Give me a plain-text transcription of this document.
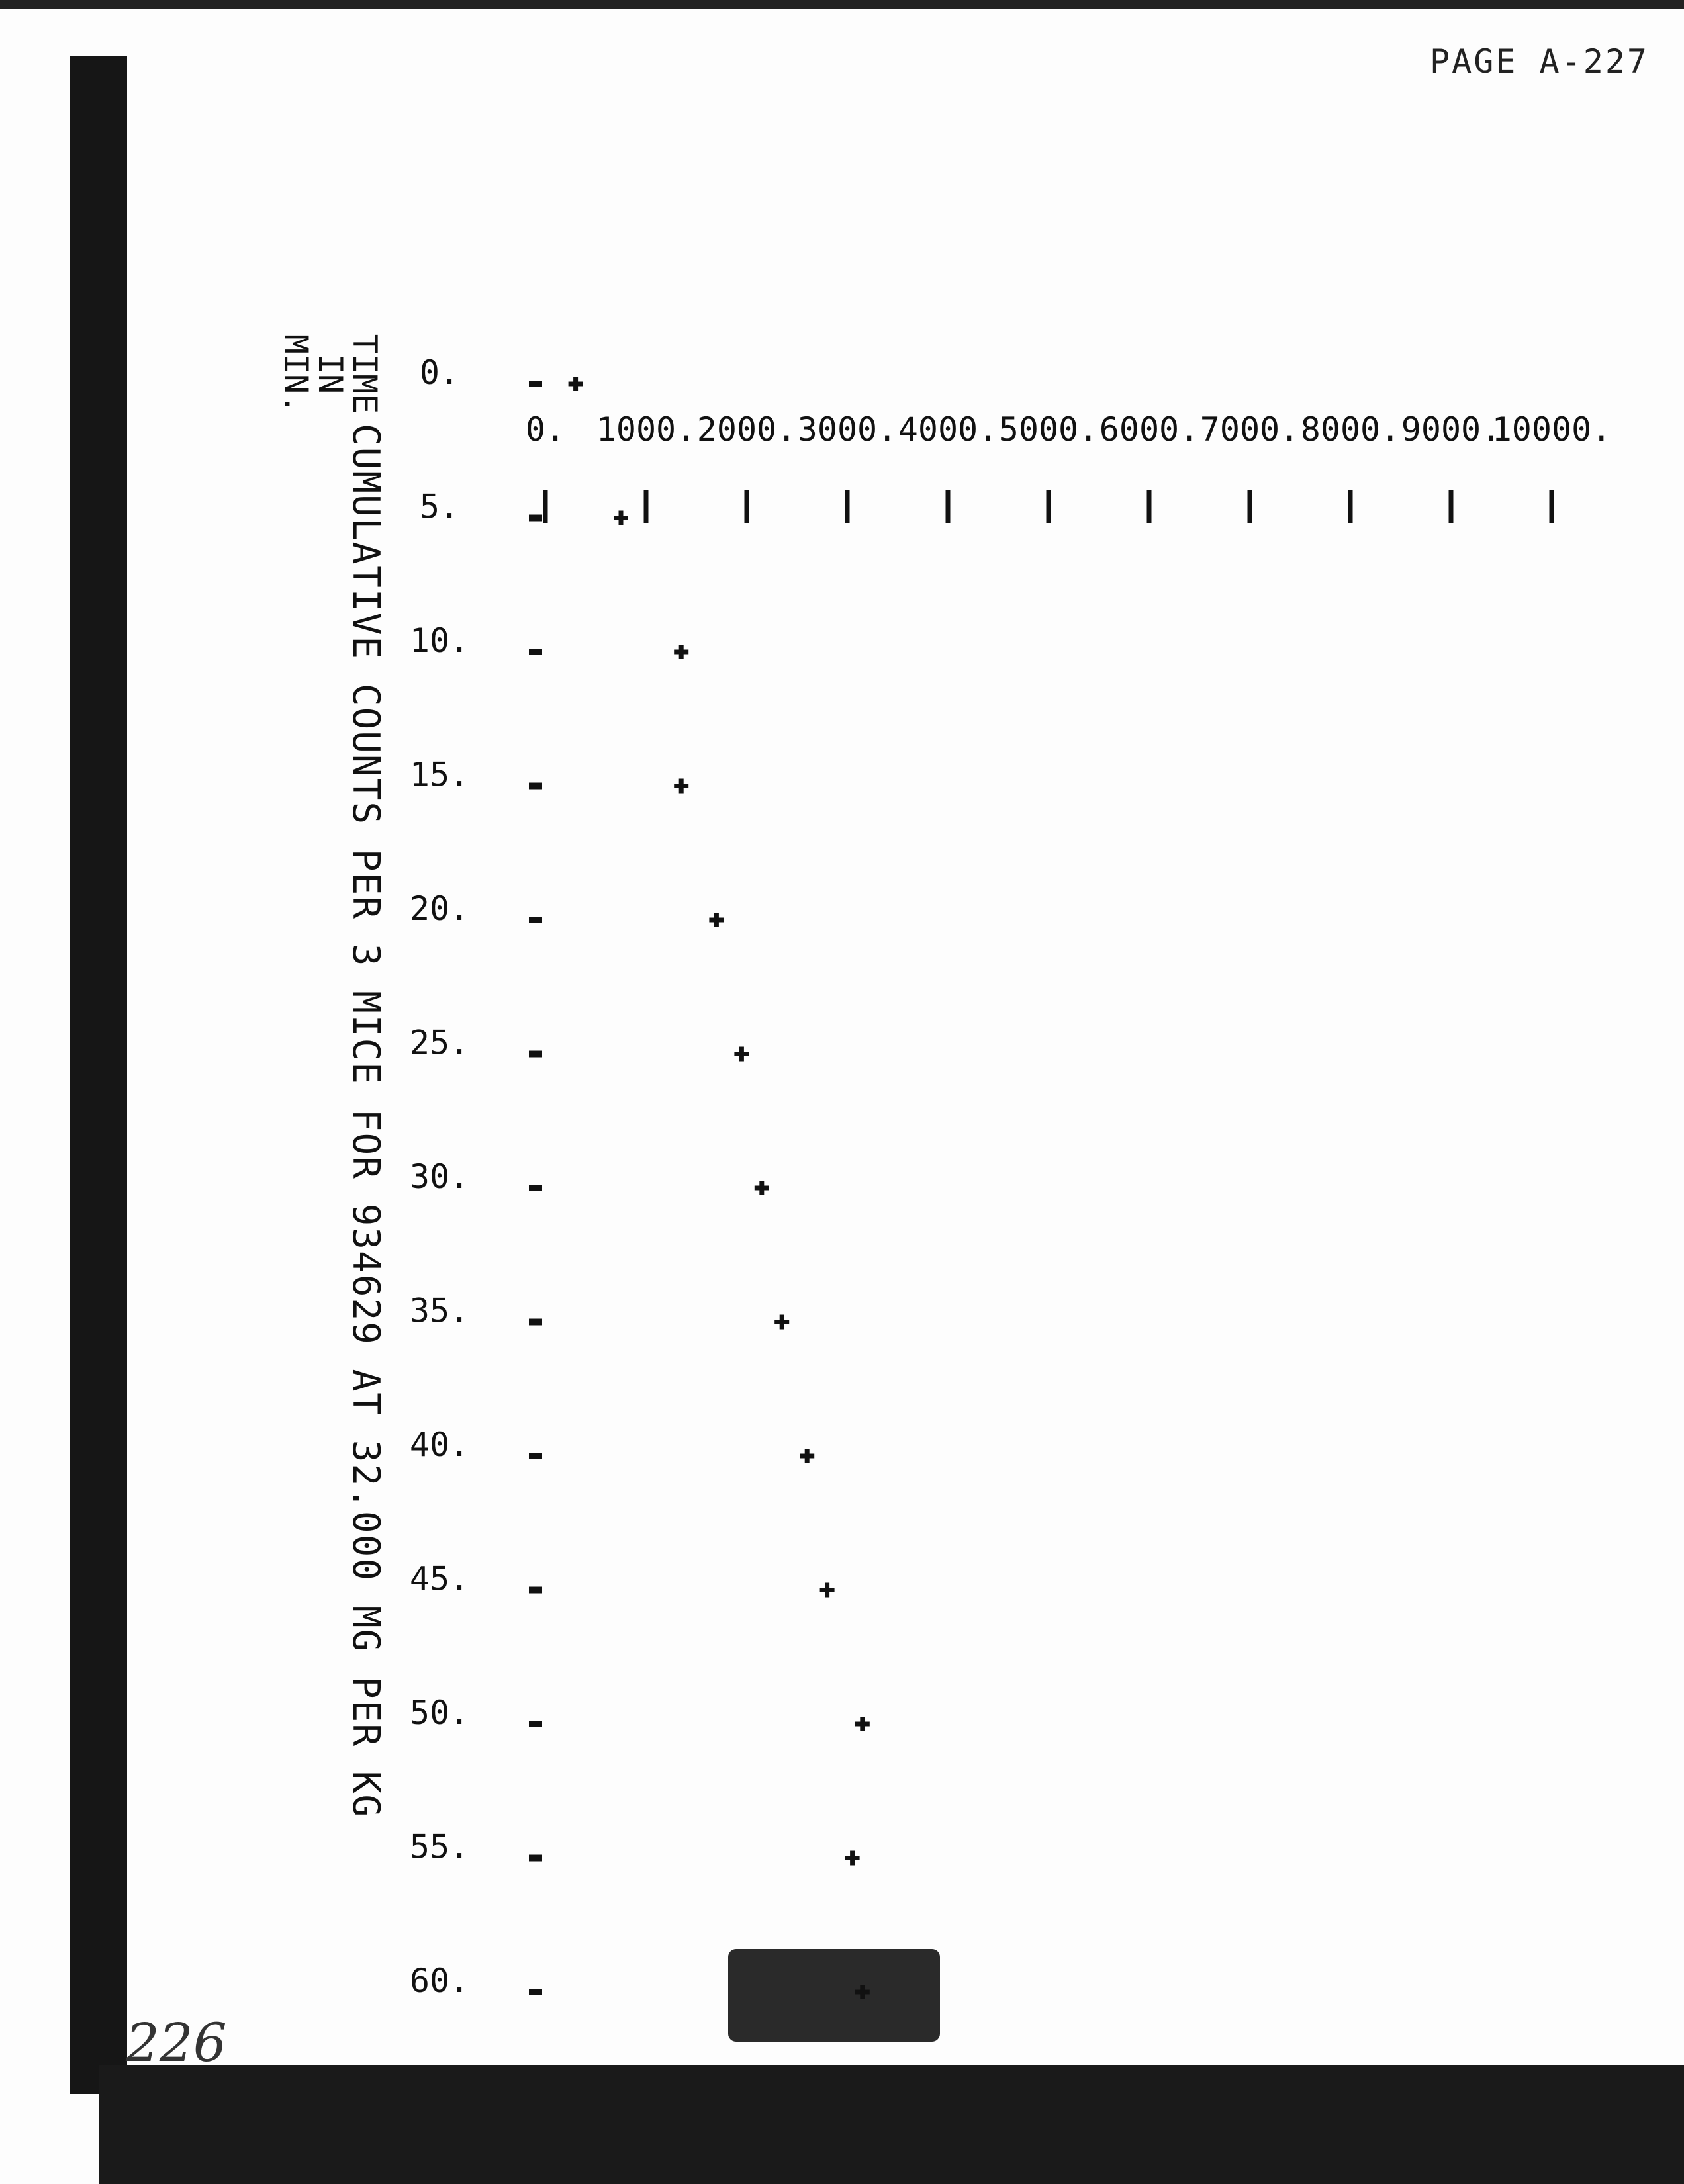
PAGE A-227
226
CUMULATIVE COUNTS PER 3 MICE FOR 934629 AT 32.000 MG PER KG
TIME
IN
MIN.
0. 1000. 2000. 3000. 4000. 5000. 6000. 7000. 8000. 9000.
10000.
0.
5.
10.
15.
20.
25.
30.
35.
40.
45.
50.
55.
60.
